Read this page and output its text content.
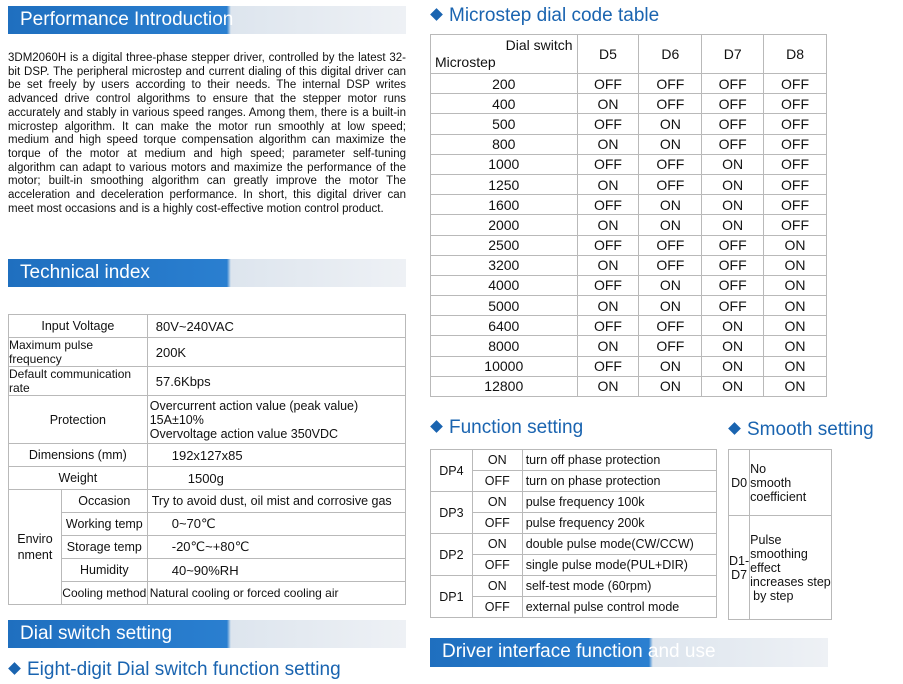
Performance Introduction
3DM2060H is a digital three-phase stepper driver, controlled by the latest 32-bit DSP. The peripheral microstep and current dialing of this digital driver can be set freely by users according to their needs. The internal DSP writes advanced drive control algorithms to ensure that the stepper motor runs accurately and stably in various speed ranges. Among them, there is a built-in microstep algorithm. It can make the motor run smoothly at low speed; medium and high speed torque compensation algorithm can maximize the torque of the motor at medium and high speed; parameter self-tuning algorithm can adapt to various motors and maximize the performance of the motor; built-in smoothing algorithm can greatly improve the motor The acceleration and deceleration performance. In short, this digital driver can meet most occasions and is a highly cost-effective motion control product.
Technical index
Input Voltage		80V~240VAC
Maximum pulse frequency		200K
Default communication rate		57.6Kbps
Protection		Overcurrent action value (peak value)
15A±10%
Overvoltage action value 350VDC

Dimensions (mm)		192x127x85
Weight		1500g

Enviro
nment	Occasion	Try to avoid dust, oil mist and corrosive gas
	Working temp	0~70℃
	Storage temp	-20℃~+80℃
	Humidity	40~90%RH
	Cooling method	Natural cooling or forced cooling air
Dial switch setting
Eight-digit Dial switch function setting
Microstep dial code table
Dial switch
Microstep	D5	D6	D7	D8
200	OFF	OFF	OFF	OFF
400	ON	OFF	OFF	OFF
500	OFF	ON	OFF	OFF
800	ON	ON	OFF	OFF
1000	OFF	OFF	ON	OFF
1250	ON	OFF	ON	OFF
1600	OFF	ON	ON	OFF
2000	ON	ON	ON	OFF
2500	OFF	OFF	OFF	ON
3200	ON	OFF	OFF	ON
4000	OFF	ON	OFF	ON
5000	ON	ON	OFF	ON
6400	OFF	OFF	ON	ON
8000	ON	OFF	ON	ON
10000	OFF	ON	ON	ON
12800	ON	ON	ON	ON
Function setting
DP4	ON	turn off phase protection
	OFF	turn on phase protection
DP3	ON	pulse frequency 100k
	OFF	pulse frequency 200k
DP2	ON	double pulse mode(CW/CCW)
	OFF	single pulse mode(PUL+DIR)
DP1	ON	self-test mode (60rpm)
	OFF	external pulse control mode
Smooth setting
D0	No
smooth
coefficient

D1-D7	Pulse
smoothing
effect
increases step
by step
Driver interface function and use
